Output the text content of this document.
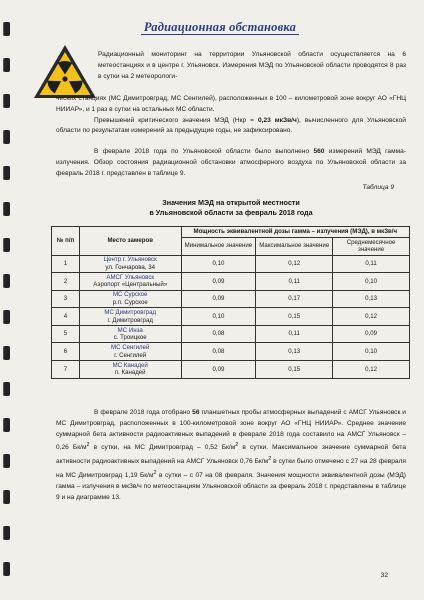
Радиационная обстановка
Радиационный мониторинг на территории Ульяновской области осуществляется на 6 метеостанциях и в центре г. Ульяновск. Измерения МЭД по Ульяновской области проводятся 8 раз в сутки на 2 метеорологи-
ческих станциях (МС Димитровград, МС Сенгилей), расположенных в 100 – километровой зоне вокруг АО «ГНЦ НИИАР», и 1 раз в сутки на остальных МС области.
Превышений критического значения МЭД (Нкр = 0,23 мкЗв/ч), вычисленного для Ульяновской области по результатам измерений за предыдущие годы, не зафиксировано.
В феврале 2018 года по Ульяновской области было выполнено 560 измерений МЭД гамма-излучения. Обзор состояния радиационной обстановки атмосферного воздуха по Ульяновской области за февраль 2018 г. представлен в таблице 9.
Таблица 9
Значения МЭД на открытой местности
в Ульяновской области за февраль 2018 года
№ п/п	Место замеров	Мощность эквивалентной дозы гамма – излучения (МЭД), в мкЗв/ч		
		Минимальное значение	Максимальное значение	Среднемесячное значение
1	Центр г. Ульяновск
ул. Гончарова, 34	0,10	0,12	0,11
2	АМСГ Ульяновск
Аэропорт «Центральный»	0,09	0,11	0,10
3	МС Сурское
р.п. Сурское	0,09	0,17	0,13
4	МС Димитровград
г. Димитровград	0,10	0,15	0,12
5	МС Инза
с. Троицкое	0,08	0,11	0,09
6	МС Сенгилей
г. Сенгилей	0,08	0,13	0,10
7	МС Канадей
п. Канадей	0,09	0,15	0,12
В феврале 2018 года отобрано 56 планшетных пробы атмосферных выпадений с АМСГ Ульяновск и МС Димитровград, расположенных в 100-километровой зоне вокруг АО «ГНЦ НИИАР». Среднее значение суммарной бета активности радиоактивных выпадений в феврале 2018 года составило на АМСГ Ульяновск – 0,26 $Бк/м^2$ в сутки, на МС Димитровград – 0,52 $Бк/м^2$ в сутки. Максимальное значение суммарной бета активности радиоактивных выпадений на АМСГ Ульяновск 0,76 $Бк/м^2$ в сутки было отмечено с 27 на 28 февраля на МС Димитровград 1,19 $Бк/м^2$ в сутки – с 07 на 08 февраля. Значения мощности эквивалентной дозы (МЭД) гамма – излучения в мкЗв/ч по метеостанциям Ульяновской области за февраль 2018 г. представлены в таблице 9 и на диаграмме 13.
32
